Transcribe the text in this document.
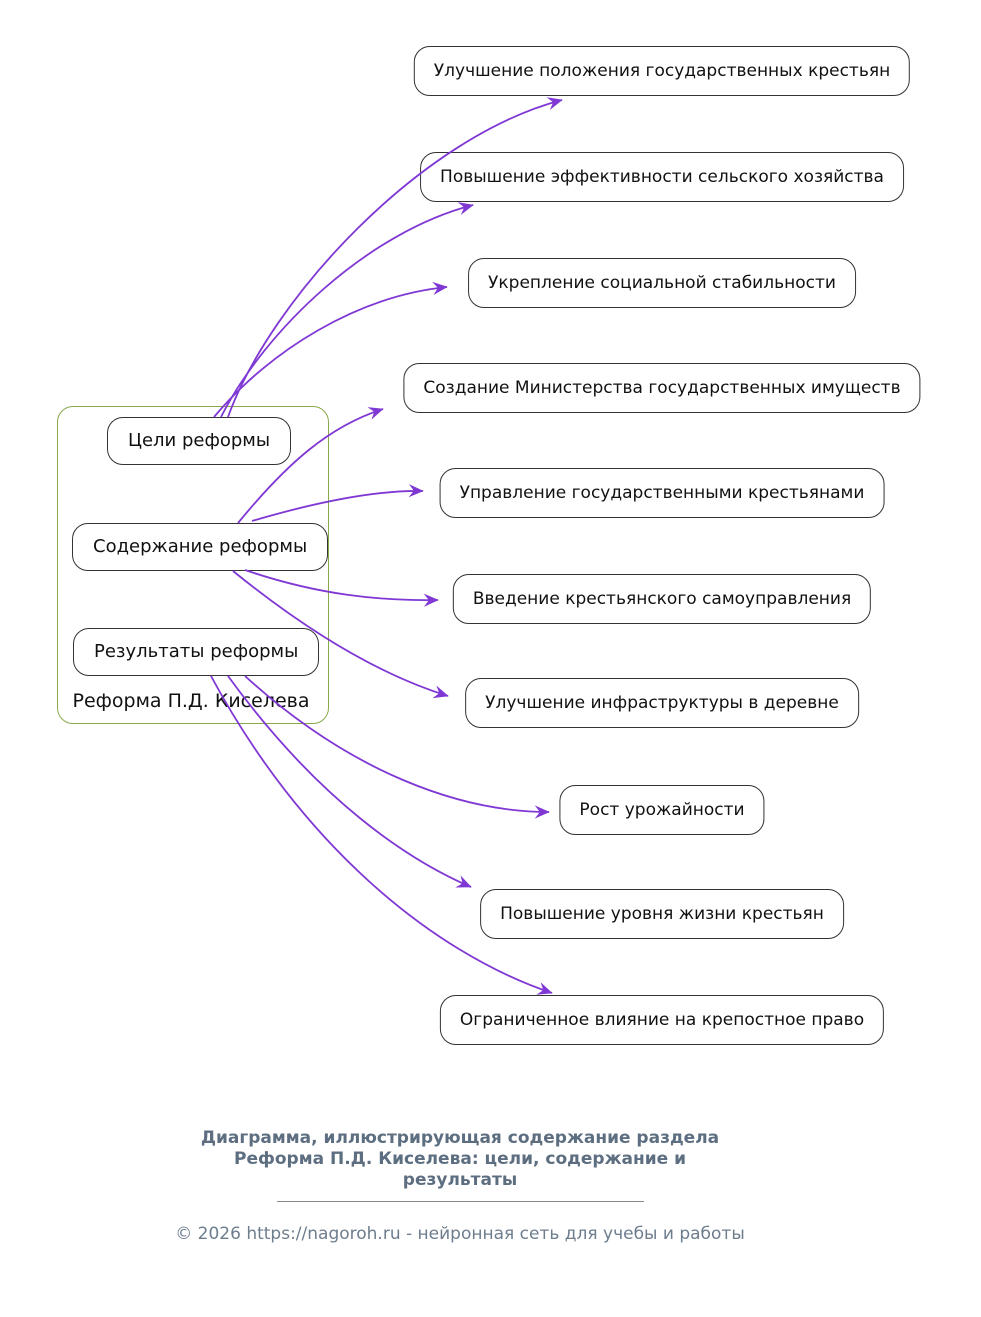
Цели реформы
Содержание реформы
Результаты реформы
Реформа П.Д. Киселева
Улучшение положения государственных крестьян
Повышение эффективности сельского хозяйства
Укрепление социальной стабильности
Создание Министерства государственных имуществ
Управление государственными крестьянами
Введение крестьянского самоуправления
Улучшение инфраструктуры в деревне
Рост урожайности
Повышение уровня жизни крестьян
Ограниченное влияние на крепостное право
Диаграмма, иллюстрирующая содержание раздела
Реформа П.Д. Киселева: цели, содержание и
результаты
© 2026 https://nagoroh.ru - нейронная сеть для учебы и работы
